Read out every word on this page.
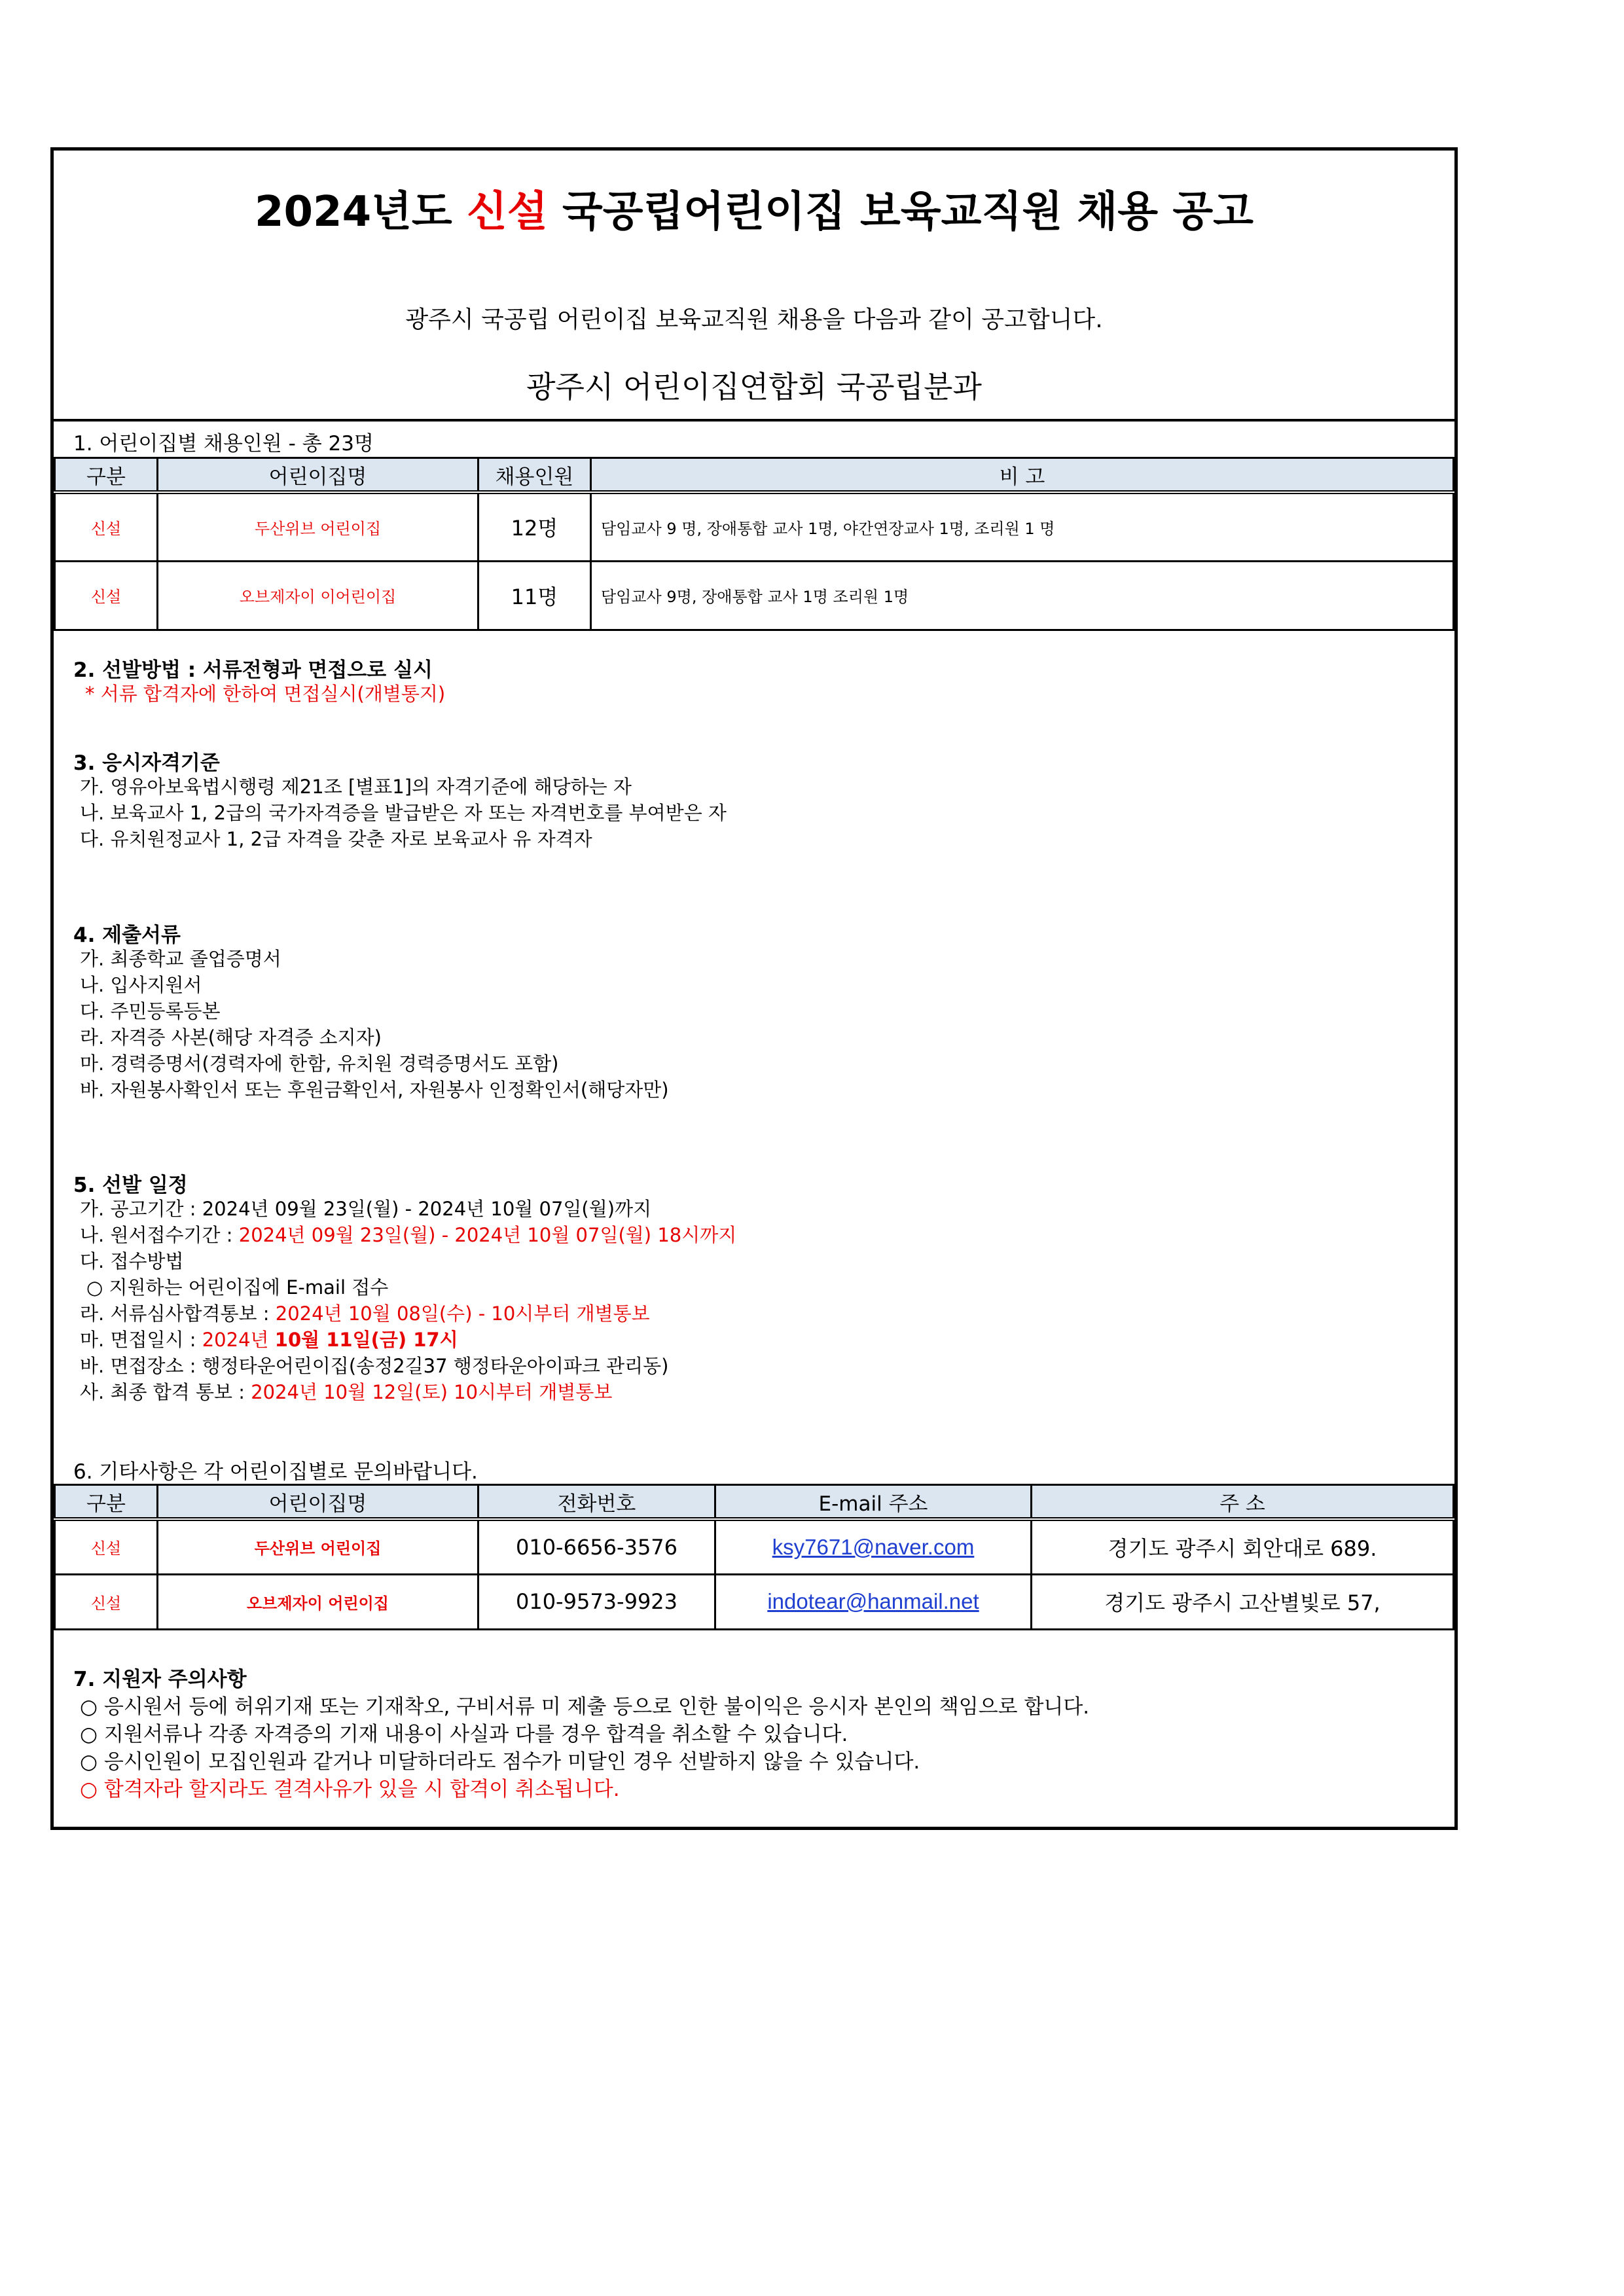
2024년도 신설 국공립어린이집 보육교직원 채용 공고
광주시 국공립 어린이집 보육교직원 채용을 다음과 같이 공고합니다.
광주시 어린이집연합회 국공립분과
1. 어린이집별 채용인원 - 총 23명
구분	어린이집명	채용인원	비 고
신설	두산위브 어린이집	12명	담임교사 9 명, 장애통합 교사 1명, 야간연장교사 1명, 조리원 1 명
신설	오브제자이 이어린이집	11명	담임교사 9명, 장애통합 교사 1명 조리원 1명
2. 선발방법 : 서류전형과 면접으로 실시
* 서류 합격자에 한하여 면접실시(개별통지)
3. 응시자격기준
가. 영유아보육법시행령 제21조 [별표1]의 자격기준에 해당하는 자
나. 보육교사 1, 2급의 국가자격증을 발급받은 자 또는 자격번호를 부여받은 자
다. 유치원정교사 1, 2급 자격을 갖춘 자로 보육교사 유 자격자
4. 제출서류
가. 최종학교 졸업증명서
나. 입사지원서
다. 주민등록등본
라. 자격증 사본(해당 자격증 소지자)
마. 경력증명서(경력자에 한함, 유치원 경력증명서도 포함)
바. 자원봉사확인서 또는 후원금확인서, 자원봉사 인정확인서(해당자만)
5. 선발 일정
가. 공고기간 : 2024년 09월 23일(월) - 2024년 10월 07일(월)까지
나. 원서접수기간 : 2024년 09월 23일(월) - 2024년 10월 07일(월) 18시까지
다. 접수방법
○ 지원하는 어린이집에 E-mail 접수
라. 서류심사합격통보 : 2024년 10월 08일(수) - 10시부터 개별통보
마. 면접일시 : 2024년 10월 11일(금) 17시
바. 면접장소 : 행정타운어린이집(송정2길37 행정타운아이파크 관리동)
사. 최종 합격 통보 : 2024년 10월 12일(토) 10시부터 개별통보
6. 기타사항은 각 어린이집별로 문의바랍니다.
구분	어린이집명	전화번호	E-mail 주소	주 소
신설	두산위브 어린이집	010-6656-3576	ksy7671@naver.com	경기도 광주시 회안대로 689.
신설	오브제자이 어린이집	010-9573-9923	indotear@hanmail.net	경기도 광주시 고산별빛로 57,
7. 지원자 주의사항
○ 응시원서 등에 허위기재 또는 기재착오, 구비서류 미 제출 등으로 인한 불이익은 응시자 본인의 책임으로 합니다.
○ 지원서류나 각종 자격증의 기재 내용이 사실과 다를 경우 합격을 취소할 수 있습니다.
○ 응시인원이 모집인원과 같거나 미달하더라도 점수가 미달인 경우 선발하지 않을 수 있습니다.
○ 합격자라 할지라도 결격사유가 있을 시 합격이 취소됩니다.
